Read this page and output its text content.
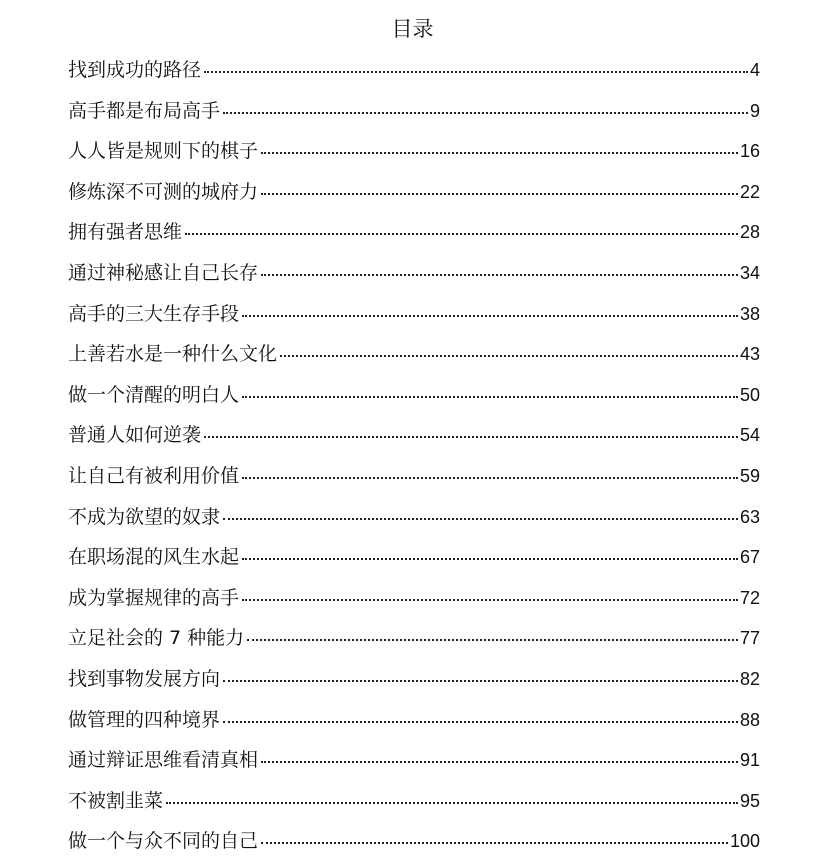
目录
找到成功的路径	4
高手都是布局高手	9
人人皆是规则下的棋子	16
修炼深不可测的城府力	22
拥有强者思维	28
通过神秘感让自己长存	34
高手的三大生存手段	38
上善若水是一种什么文化	43
做一个清醒的明白人	50
普通人如何逆袭	54
让自己有被利用价值	59
不成为欲望的奴隶	63
在职场混的风生水起	67
成为掌握规律的高手	72
立足社会的 7 种能力	77
找到事物发展方向	82
做管理的四种境界	88
通过辩证思维看清真相	91
不被割韭菜	95
做一个与众不同的自己	100
